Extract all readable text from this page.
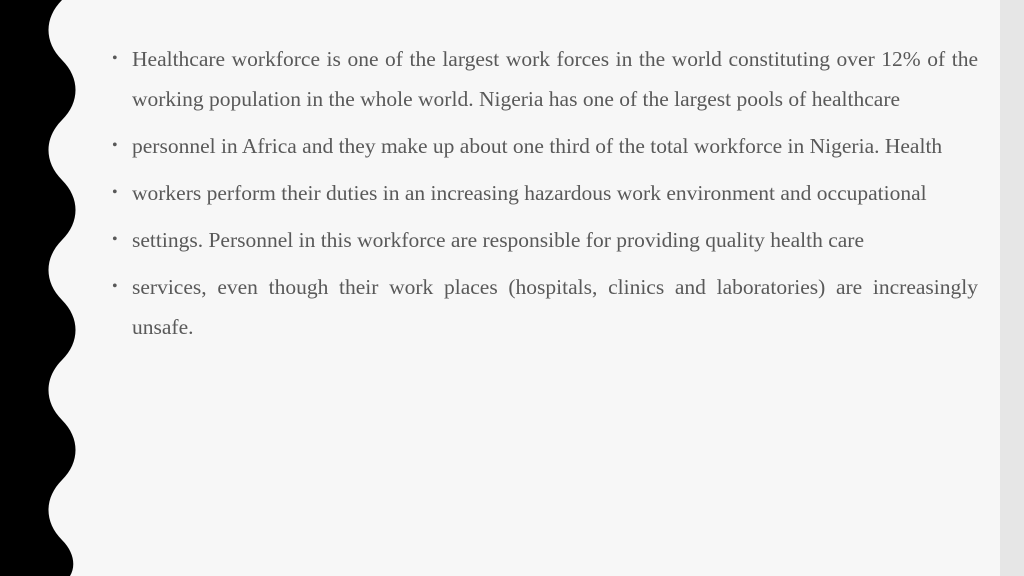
• Healthcare workforce is one of the largest work forces in the world constituting over 12% of the working population in the whole world. Nigeria has one of the largest pools of healthcare
• personnel in Africa and they make up about one third of the total workforce in Nigeria. Health
• workers perform their duties in an increasing hazardous work environment and occupational
• settings. Personnel in this workforce are responsible for providing quality health care
• services, even though their work places (hospitals, clinics and laboratories) are increasingly unsafe.
